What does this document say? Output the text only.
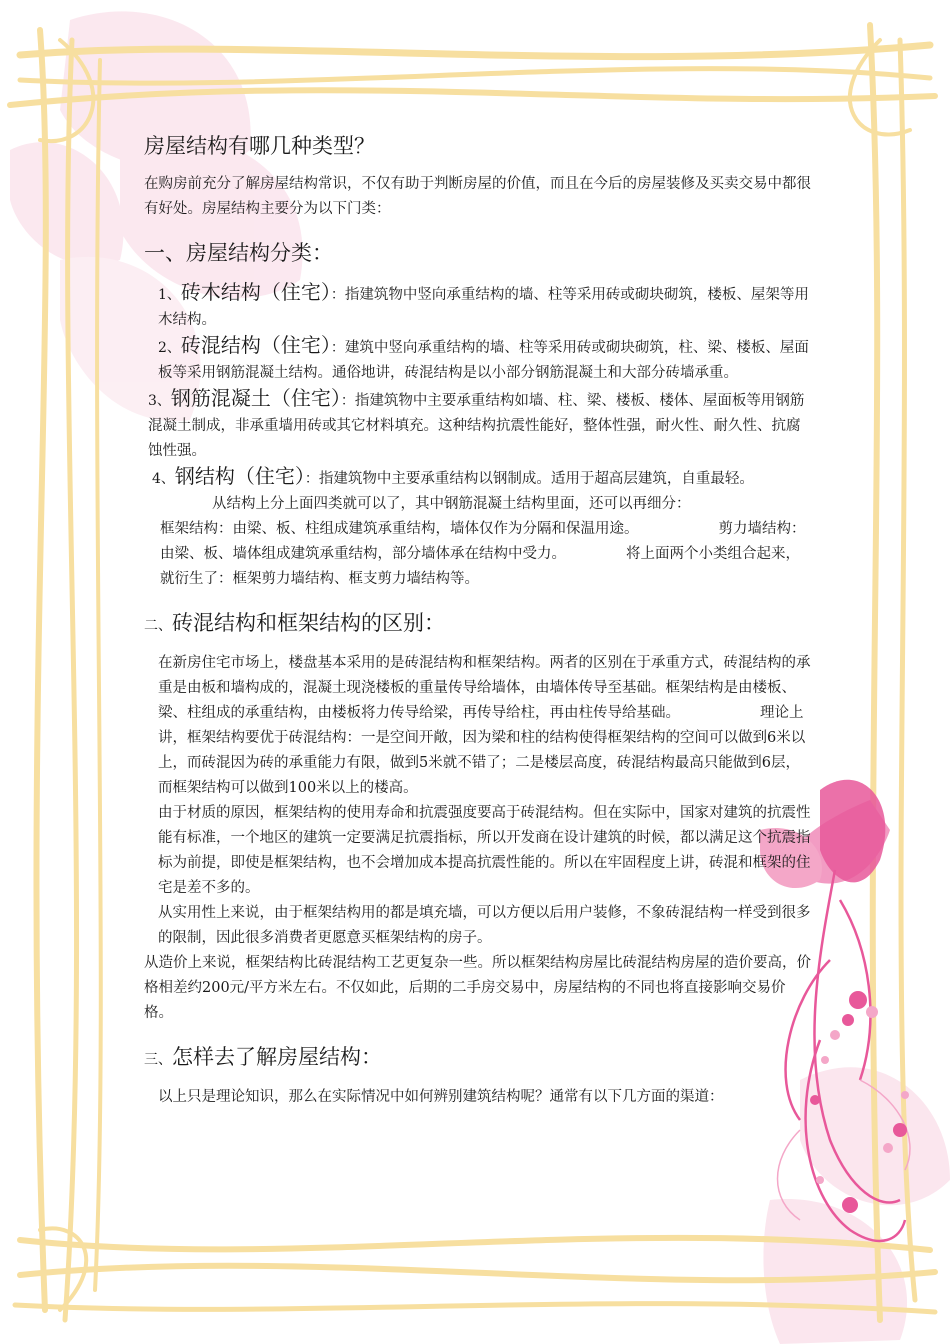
房屋结构有哪几种类型？

在购房前充分了解房屋结构常识，不仅有助于判断房屋的价值，而且在今后的房屋装修及买卖交易中都很有好处。房屋结构主要分为以下门类：

一、房屋结构分类：

1、砖木结构（住宅）：指建筑物中竖向承重结构的墙、柱等采用砖或砌块砌筑，楼板、屋架等用木结构。

2、砖混结构（住宅）：建筑中竖向承重结构的墙、柱等采用砖或砌块砌筑，柱、梁、楼板、屋面板等采用钢筋混凝土结构。通俗地讲，砖混结构是以小部分钢筋混凝土和大部分砖墙承重。

3、钢筋混凝土（住宅）：指建筑物中主要承重结构如墙、柱、梁、楼板、楼体、屋面板等用钢筋混凝土制成，非承重墙用砖或其它材料填充。这种结构抗震性能好，整体性强，耐火性、耐久性、抗腐蚀性强。

4、钢结构（住宅）：指建筑物中主要承重结构以钢制成。适用于超高层建筑，自重最轻。从结构上分上面四类就可以了，其中钢筋混凝土结构里面，还可以再细分：

框架结构：由梁、板、柱组成建筑承重结构，墙体仅作为分隔和保温用途。	剪力墙结构：由梁、板、墙体组成建筑承重结构，部分墙体承在结构中受力。	将上面两个小类组合起来，就衍生了：框架剪力墙结构、框支剪力墙结构等。

二、砖混结构和框架结构的区别：

在新房住宅市场上，楼盘基本采用的是砖混结构和框架结构。两者的区别在于承重方式，砖混结构的承重是由板和墙构成的，混凝土现浇楼板的重量传导给墙体，由墙体传导至基础。框架结构是由楼板、梁、柱组成的承重结构，由楼板将力传导给梁，再传导给柱，再由柱传导给基础。	理论上讲，框架结构要优于砖混结构：一是空间开敞，因为梁和柱的结构使得框架结构的空间可以做到6米以上，而砖混因为砖的承重能力有限，做到5米就不错了；二是楼层高度，砖混结构最高只能做到6层，而框架结构可以做到100米以上的楼高。

由于材质的原因，框架结构的使用寿命和抗震强度要高于砖混结构。但在实际中，国家对建筑的抗震性能有标准，一个地区的建筑一定要满足抗震指标，所以开发商在设计建筑的时候，都以满足这个抗震指标为前提，即使是框架结构，也不会增加成本提高抗震性能的。所以在牢固程度上讲，砖混和框架的住宅是差不多的。

从实用性上来说，由于框架结构用的都是填充墙，可以方便以后用户装修，不象砖混结构一样受到很多的限制，因此很多消费者更愿意买框架结构的房子。

从造价上来说，框架结构比砖混结构工艺更复杂一些。所以框架结构房屋比砖混结构房屋的造价要高，价格相差约200元/平方米左右。不仅如此，后期的二手房交易中，房屋结构的不同也将直接影响交易价格。

三、怎样去了解房屋结构：

以上只是理论知识，那么在实际情况中如何辨别建筑结构呢？通常有以下几方面的渠道：
